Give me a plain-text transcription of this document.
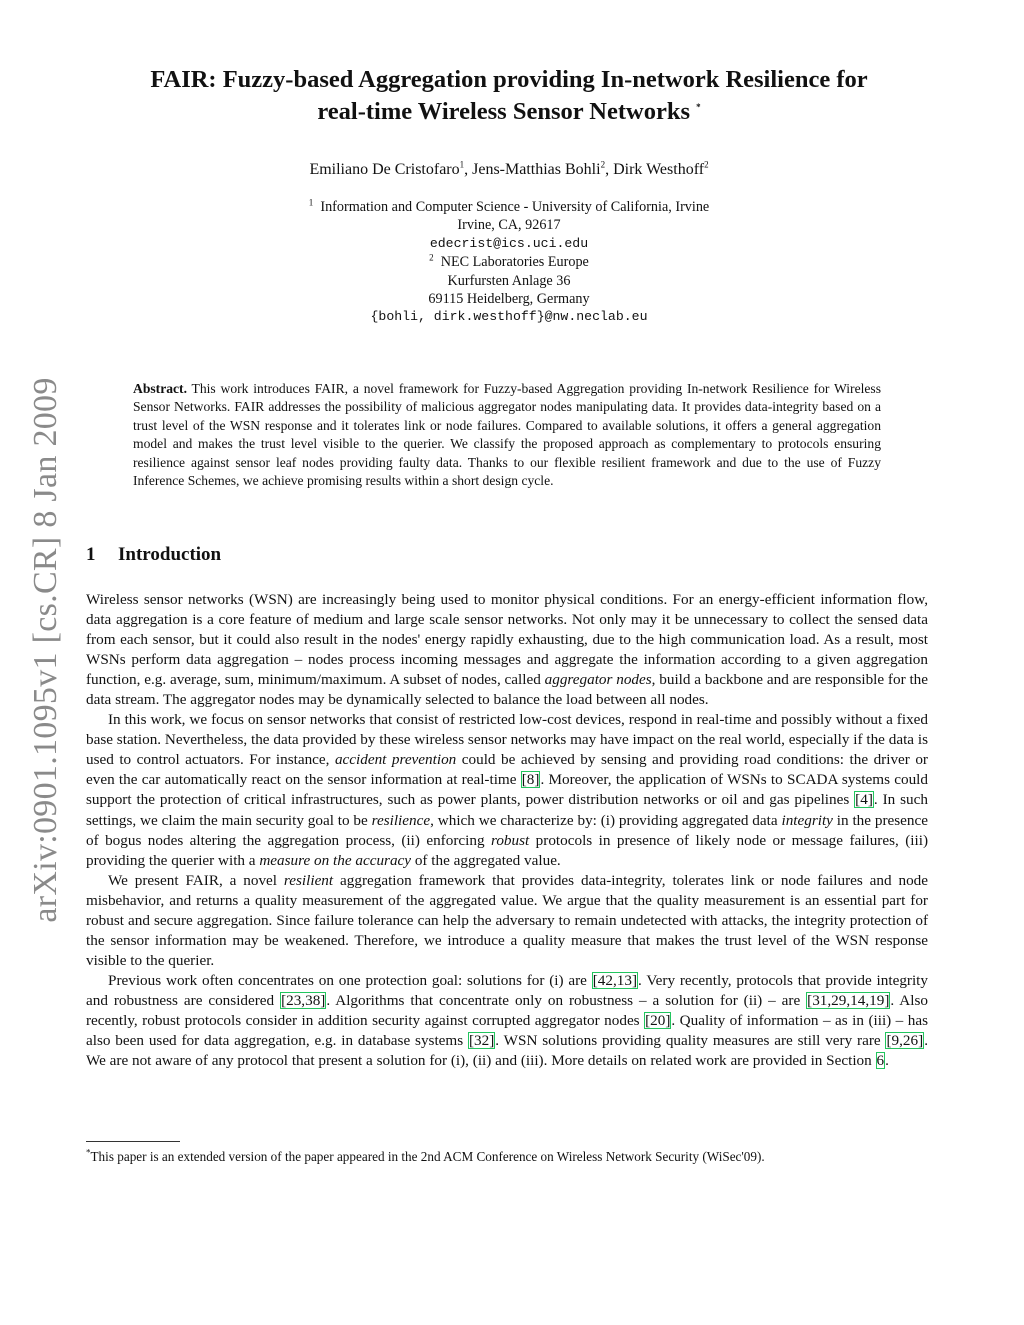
arXiv:0901.1095v1 [cs.CR] 8 Jan 2009
FAIR: Fuzzy-based Aggregation providing In-network Resilience for
real-time Wireless Sensor Networks *
Emiliano De Cristofaro$^1$, Jens-Matthias Bohli$^2$, Dirk Westhoff$^2$
$^1$ Information and Computer Science - University of California, Irvine
Irvine, CA, 92617
edecrist@ics.uci.edu
$^2$ NEC Laboratories Europe
Kurfursten Anlage 36
69115 Heidelberg, Germany
{bohli, dirk.westhoff}@nw.neclab.eu
Abstract. This work introduces FAIR, a novel framework for Fuzzy-based Aggregation providing In-network Resilience for Wireless Sensor Networks. FAIR addresses the possibility of malicious aggregator nodes manipulating data. It provides data-integrity based on a trust level of the WSN response and it tolerates link or node failures. Compared to available solutions, it offers a general aggregation model and makes the trust level visible to the querier. We classify the proposed approach as complementary to protocols ensuring resilience against sensor leaf nodes providing faulty data. Thanks to our flexible resilient framework and due to the use of Fuzzy Inference Schemes, we achieve promising results within a short design cycle.
1 Introduction

Wireless sensor networks (WSN) are increasingly being used to monitor physical conditions. For an energy-efficient information flow, data aggregation is a core feature of medium and large scale sensor networks. Not only may it be unnecessary to collect the sensed data from each sensor, but it could also result in the nodes' energy rapidly exhausting, due to the high communication load. As a result, most WSNs perform data aggregation – nodes process incoming messages and aggregate the information according to a given aggregation function, e.g. average, sum, minimum/maximum. A subset of nodes, called aggregator nodes, build a backbone and are responsible for the data stream. The aggregator nodes may be dynamically selected to balance the load between all nodes.

In this work, we focus on sensor networks that consist of restricted low-cost devices, respond in real-time and possibly without a fixed base station. Nevertheless, the data provided by these wireless sensor networks may have impact on the real world, especially if the data is used to control actuators. For instance, accident prevention could be achieved by sensing and providing road conditions: the driver or even the car automatically react on the sensor information at real-time [8]. Moreover, the application of WSNs to SCADA systems could support the protection of critical infrastructures, such as power plants, power distribution networks or oil and gas pipelines [4]. In such settings, we claim the main security goal to be resilience, which we characterize by: (i) providing aggregated data integrity in the presence of bogus nodes altering the aggregation process, (ii) enforcing robust protocols in presence of likely node or message failures, (iii) providing the querier with a measure on the accuracy of the aggregated value.

We present FAIR, a novel resilient aggregation framework that provides data-integrity, tolerates link or node failures and node misbehavior, and returns a quality measurement of the aggregated value. We argue that the quality measurement is an essential part for robust and secure aggregation. Since failure tolerance can help the adversary to remain undetected with attacks, the integrity protection of the sensor information may be weakened. Therefore, we introduce a quality measure that makes the trust level of the WSN response visible to the querier.

Previous work often concentrates on one protection goal: solutions for (i) are [42,13]. Very recently, protocols that provide integrity and robustness are considered [23,38]. Algorithms that concentrate only on robustness – a solution for (ii) – are [31,29,14,19]. Also recently, robust protocols consider in addition security against corrupted aggregator nodes [20]. Quality of information – as in (iii) – has also been used for data aggregation, e.g. in database systems [32]. WSN solutions providing quality measures are still very rare [9,26]. We are not aware of any protocol that present a solution for (i), (ii) and (iii). More details on related work are provided in Section 6.

*This paper is an extended version of the paper appeared in the 2nd ACM Conference on Wireless Network Security (WiSec'09).
